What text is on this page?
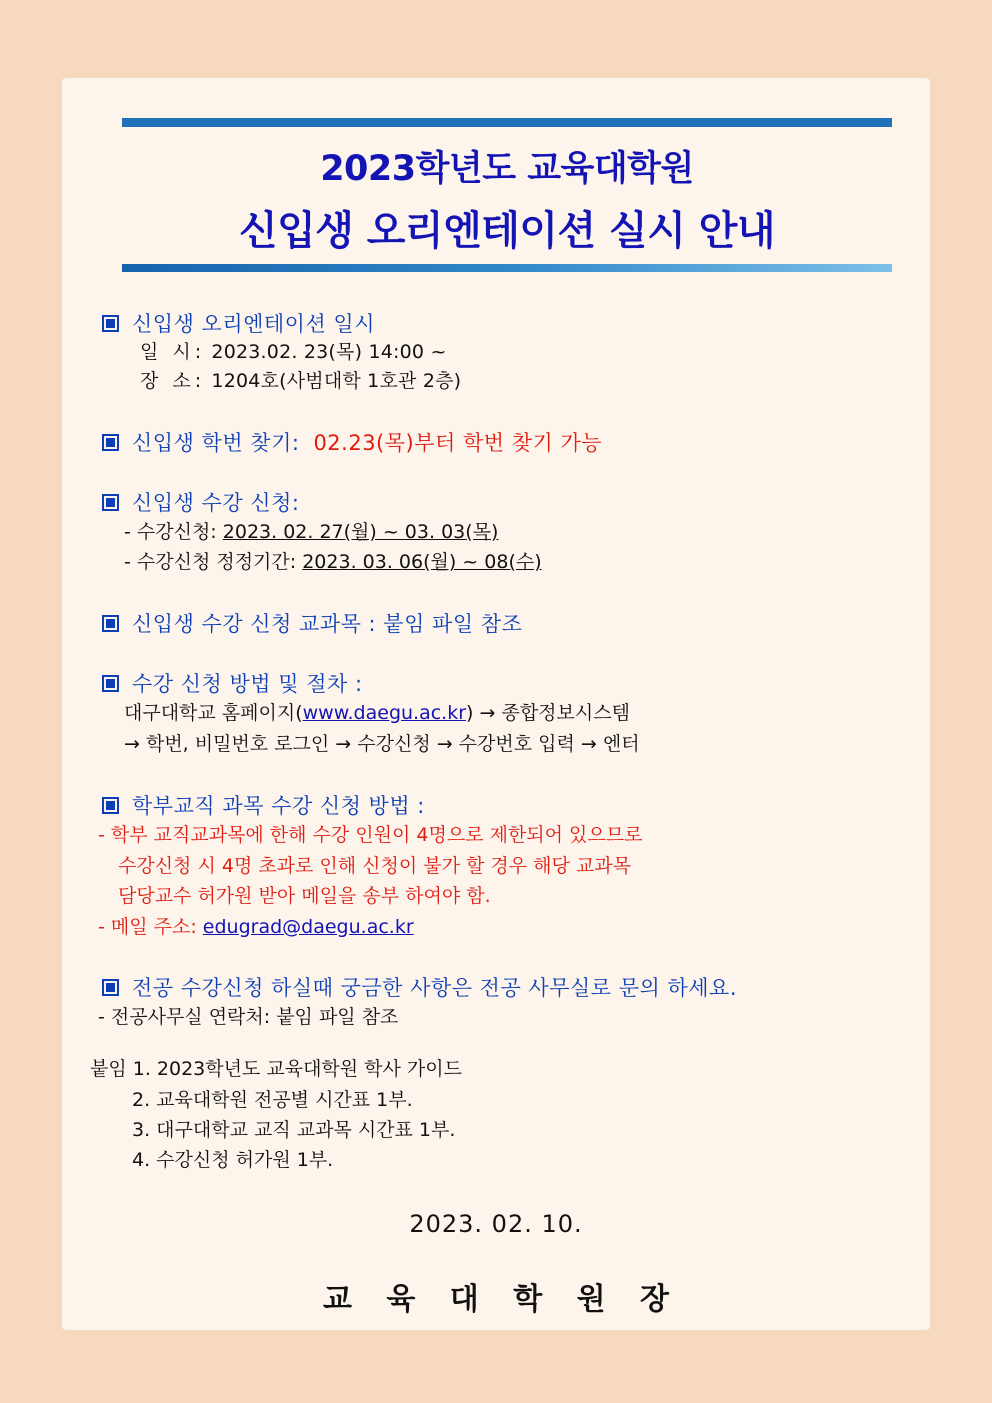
2023학년도 교육대학원
신입생 오리엔테이션 실시 안내
신입생 오리엔테이션 일시
일 시: 2023.02. 23(목) 14:00 ~
장 소: 1204호(사범대학 1호관 2층)
신입생 학번 찾기: 02.23(목)부터 학번 찾기 가능
신입생 수강 신청:
- 수강신청: 2023. 02. 27(월) ~ 03. 03(목)
- 수강신청 정정기간: 2023. 03. 06(월) ~ 08(수)
신입생 수강 신청 교과목 : 붙임 파일 참조
수강 신청 방법 및 절차 :
대구대학교 홈페이지(www.daegu.ac.kr) → 종합정보시스템
→ 학번, 비밀번호 로그인 → 수강신청 → 수강번호 입력 → 엔터
학부교직 과목 수강 신청 방법 :
- 학부 교직교과목에 한해 수강 인원이 4명으로 제한되어 있으므로
수강신청 시 4명 초과로 인해 신청이 불가 할 경우 해당 교과목
담당교수 허가원 받아 메일을 송부 하여야 함.
- 메일 주소: edugrad@daegu.ac.kr
전공 수강신청 하실때 궁금한 사항은 전공 사무실로 문의 하세요.
- 전공사무실 연락처: 붙임 파일 참조
붙임 1. 2023학년도 교육대학원 학사 가이드
2. 교육대학원 전공별 시간표 1부.
3. 대구대학교 교직 교과목 시간표 1부.
4. 수강신청 허가원 1부.
2023. 02. 10.
교 육 대 학 원 장
